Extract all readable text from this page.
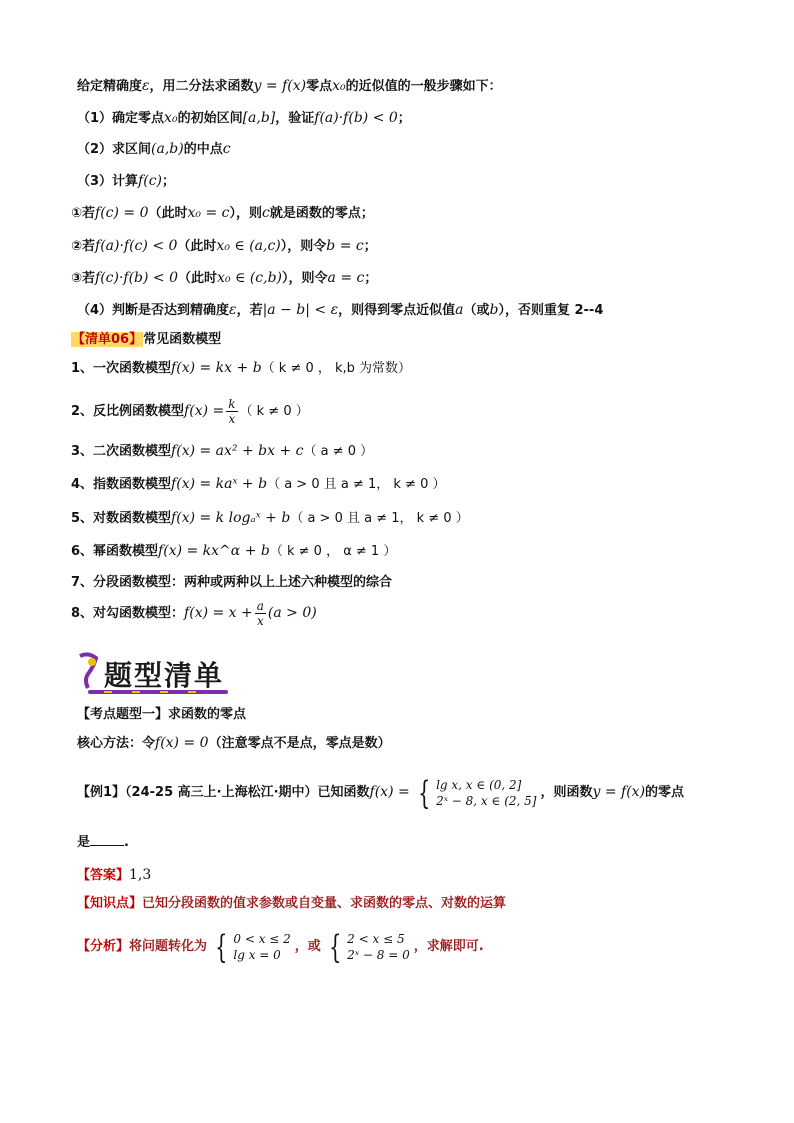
给定精确度ε，用二分法求函数y = f(x)零点x₀的近似值的一般步骤如下：
（1）确定零点x₀的初始区间[a,b]，验证f(a)·f(b) < 0；
（2）求区间(a,b)的中点c
（3）计算f(c)；
①若f(c) = 0（此时x₀ = c），则c就是函数的零点；
②若f(a)·f(c) < 0（此时x₀ ∈ (a,c)），则令b = c；
③若f(c)·f(b) < 0（此时x₀ ∈ (c,b)），则令a = c；
（4）判断是否达到精确度ε，若|a − b| < ε，则得到零点近似值a（或b），否则重复 2--4
【清单06】常见函数模型
1、一次函数模型f(x) = kx + b（ k ≠ 0 ， k,b 为常数）
2、反比例函数模型$f(x) = \frac{k}{x}$ （ k ≠ 0 ）
3、二次函数模型f(x) = ax² + bx + c（ a ≠ 0 ）
4、指数函数模型f(x) = kaˣ + b（ a > 0 且 a ≠ 1， k ≠ 0 ）
5、对数函数模型f(x) = k logₐˣ + b（ a > 0 且 a ≠ 1， k ≠ 0 ）
6、幂函数模型f(x) = kx^α + b（ k ≠ 0 ， α ≠ 1 ）
7、分段函数模型：两种或两种以上上述六种模型的综合
8、对勾函数模型：$f(x) = x + \frac{a}{x} (a > 0)$
题型清单
【考点题型一】求函数的零点
核心方法：令f(x) = 0（注意零点不是点，零点是数）
【例1】（24-25 高三上·上海松江·期中）已知函数f(x) = { lg x, x ∈ (0, 2]
2ˣ − 8, x ∈ (2, 5]
，则函数y = f(x)的零点
是	.
【答案】1,3
【知识点】已知分段函数的值求参数或自变量、求函数的零点、对数的运算
【分析】将问题转化为 { 0 < x ≤ 2
lg x = 0
，或 { 2 < x ≤ 5
2ˣ − 8 = 0
，求解即可.
